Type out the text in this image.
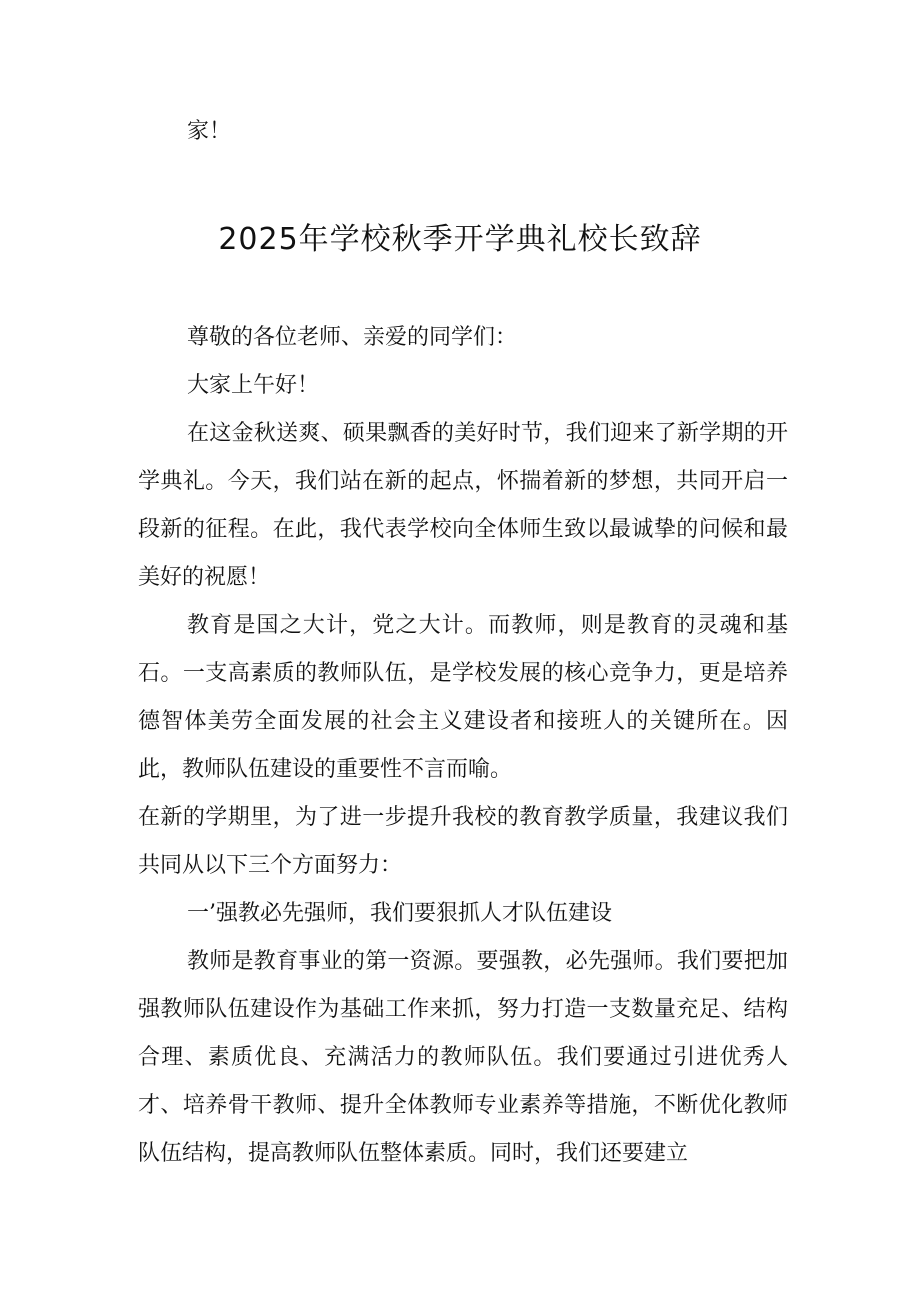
家！

2025年学校秋季开学典礼校长致辞

尊敬的各位老师、亲爱的同学们：

大家上午好！

在这金秋送爽、硕果飘香的美好时节，我们迎来了新学期的开学典礼。今天，我们站在新的起点，怀揣着新的梦想，共同开启一段新的征程。在此，我代表学校向全体师生致以最诚挚的问候和最美好的祝愿！

教育是国之大计，党之大计。而教师，则是教育的灵魂和基石。一支高素质的教师队伍，是学校发展的核心竞争力，更是培养德智体美劳全面发展的社会主义建设者和接班人的关键所在。因此，教师队伍建设的重要性不言而喻。

在新的学期里，为了进一步提升我校的教育教学质量，我建议我们共同从以下三个方面努力：

一’强教必先强师，我们要狠抓人才队伍建设

教师是教育事业的第一资源。要强教，必先强师。我们要把加强教师队伍建设作为基础工作来抓，努力打造一支数量充足、结构合理、素质优良、充满活力的教师队伍。我们要通过引进优秀人才、培养骨干教师、提升全体教师专业素养等措施，不断优化教师队伍结构，提高教师队伍整体素质。同时，我们还要建立
